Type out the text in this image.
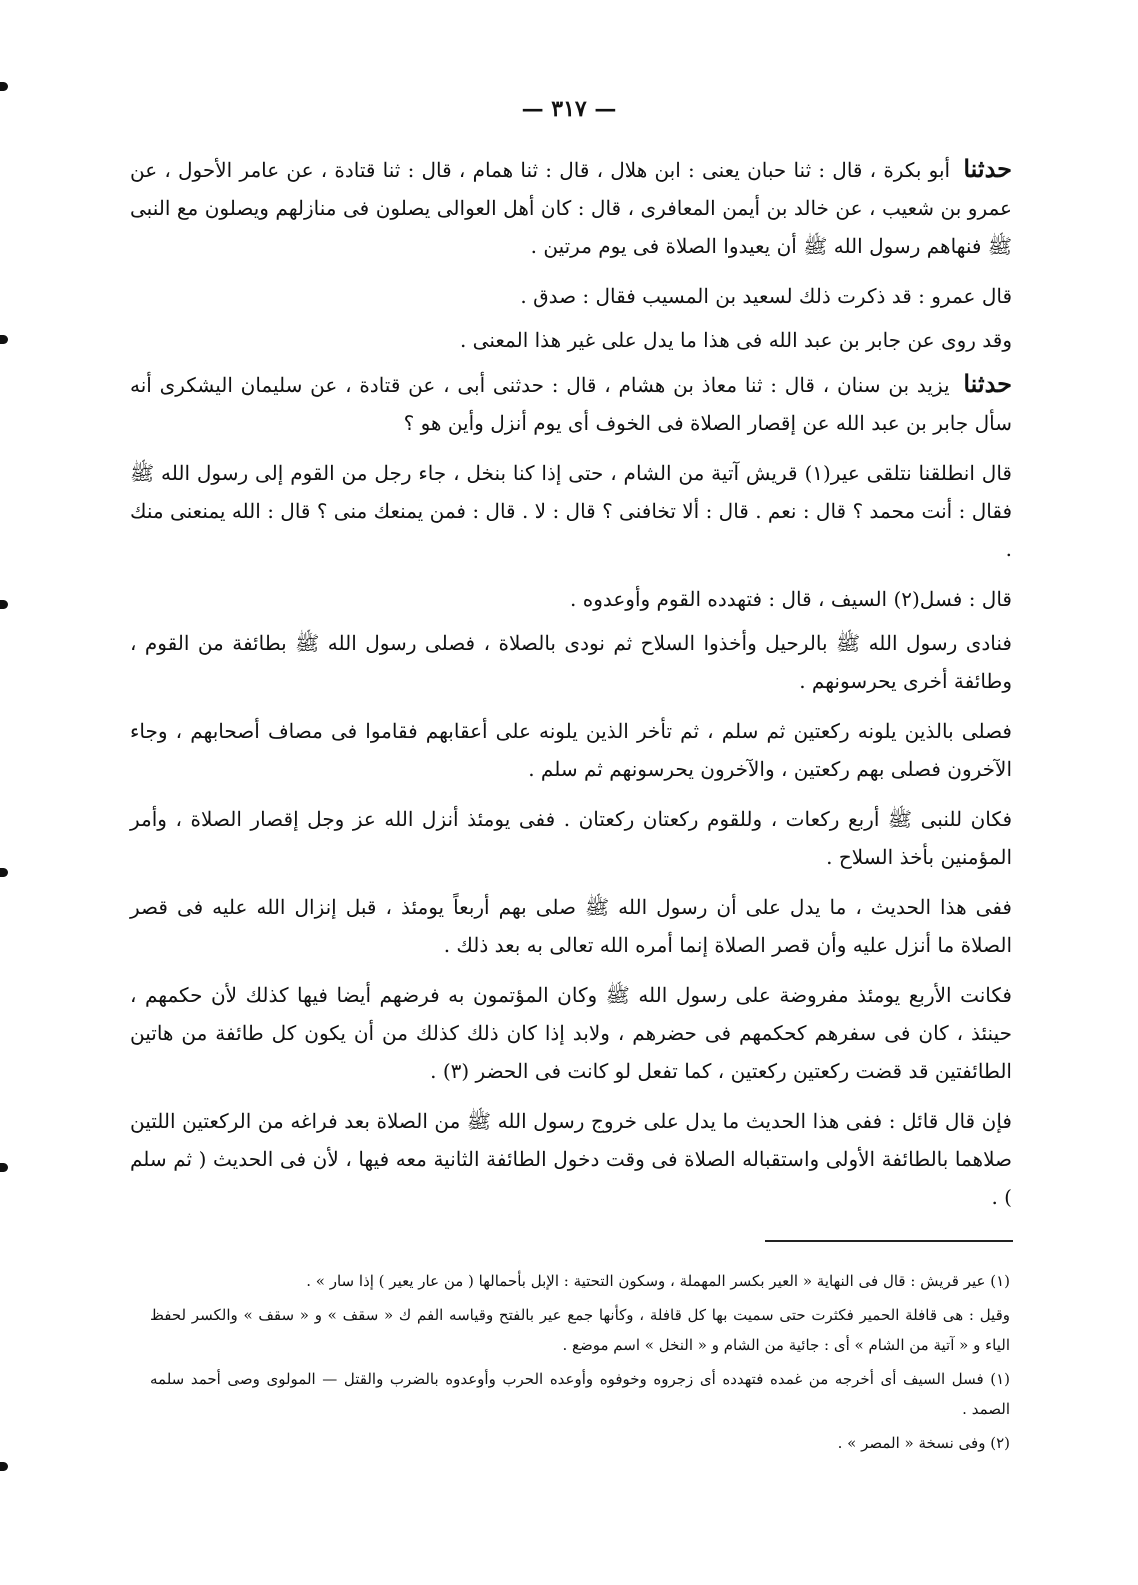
— ٣١٧ —

حدثنا أبو بكرة ، قال : ثنا حبان يعنى : ابن هلال ، قال : ثنا همام ، قال : ثنا قتادة ، عن عامر الأحول ، عن عمرو بن شعيب ، عن خالد بن أيمن المعافرى ، قال : كان أهل العوالى يصلون فى منازلهم ويصلون مع النبى ﷺ فنهاهم رسول الله ﷺ أن يعيدوا الصلاة فى يوم مرتين .

قال عمرو : قد ذكرت ذلك لسعيد بن المسيب فقال : صدق .

وقد روى عن جابر بن عبد الله فى هذا ما يدل على غير هذا المعنى .

حدثنا يزيد بن سنان ، قال : ثنا معاذ بن هشام ، قال : حدثنى أبى ، عن قتادة ، عن سليمان اليشكرى أنه سأل جابر بن عبد الله عن إقصار الصلاة فى الخوف أى يوم أنزل وأين هو ؟

قال انطلقنا نتلقى عير(١) قريش آتية من الشام ، حتى إذا كنا بنخل ، جاء رجل من القوم إلى رسول الله ﷺ فقال : أنت محمد ؟ قال : نعم . قال : ألا تخافنى ؟ قال : لا . قال : فمن يمنعك منى ؟ قال : الله يمنعنى منك .

قال : فسل(٢) السيف ، قال : فتهدده القوم وأوعدوه .

فنادى رسول الله ﷺ بالرحيل وأخذوا السلاح ثم نودى بالصلاة ، فصلى رسول الله ﷺ بطائفة من القوم ، وطائفة أخرى يحرسونهم .

فصلى بالذين يلونه ركعتين ثم سلم ، ثم تأخر الذين يلونه على أعقابهم فقاموا فى مصاف أصحابهم ، وجاء الآخرون فصلى بهم ركعتين ، والآخرون يحرسونهم ثم سلم .

فكان للنبى ﷺ أربع ركعات ، وللقوم ركعتان ركعتان . ففى يومئذ أنزل الله عز وجل إقصار الصلاة ، وأمر المؤمنين بأخذ السلاح .

ففى هذا الحديث ، ما يدل على أن رسول الله ﷺ صلى بهم أربعاً يومئذ ، قبل إنزال الله عليه فى قصر الصلاة ما أنزل عليه وأن قصر الصلاة إنما أمره الله تعالى به بعد ذلك .

فكانت الأربع يومئذ مفروضة على رسول الله ﷺ وكان المؤتمون به فرضهم أيضا فيها كذلك لأن حكمهم ، حينئذ ، كان فى سفرهم كحكمهم فى حضرهم ، ولابد إذا كان ذلك كذلك من أن يكون كل طائفة من هاتين الطائفتين قد قضت ركعتين ركعتين ، كما تفعل لو كانت فى الحضر (٣) .

فإن قال قائل : ففى هذا الحديث ما يدل على خروج رسول الله ﷺ من الصلاة بعد فراغه من الركعتين اللتين صلاهما بالطائفة الأولى واستقباله الصلاة فى وقت دخول الطائفة الثانية معه فيها ، لأن فى الحديث ( ثم سلم ) .

(١) عير قريش : قال فى النهاية « العير بكسر المهملة ، وسكون التحتية : الإبل بأحمالها ( من عار يعير ) إذا سار » .

وقيل : هى قافلة الحمير فكثرت حتى سميت بها كل قافلة ، وكأنها جمع عير بالفتح وقياسه الفم ك « سقف » و « سقف » والكسر لحفظ الياء و « آتية من الشام » أى : جائية من الشام و « النخل » اسم موضع .

(١) فسل السيف أى أخرجه من غمده فتهدده أى زجروه وخوفوه وأوعده الحرب وأوعدوه بالضرب والقتل — المولوى وصى أحمد سلمه الصمد .

(٢) وفى نسخة « المصر » .
